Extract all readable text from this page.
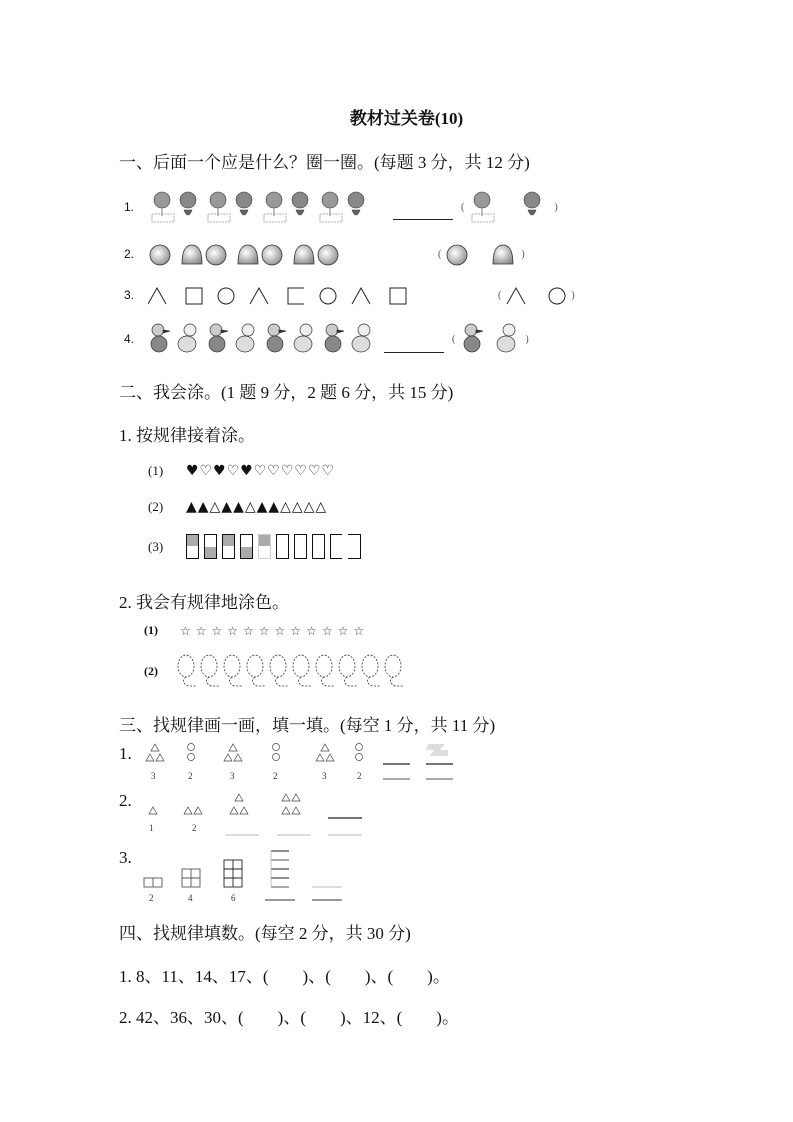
教材过关卷(10)
一、后面一个应是什么？圈一圈。(每题 3 分，共 12 分)
1.	(	)
2.	(	)
3.	(	)
4.	(	)
二、我会涂。(1 题 9 分，2 题 6 分，共 15 分)
1. 按规律接着涂。
(1)	♥♡♥♡♥♡♡♡♡♡♡
(2)	▲▲△▲▲△▲▲△△△△
(3)
2. 我会有规律地涂色。
(1)	☆☆☆☆☆☆☆☆☆☆☆☆
(2)
三、找规律画一画，填一填。(每空 1 分，共 11 分)
1.
3	2	3	2	3	2
2.
1	2
3.
2	4	6
四、找规律填数。(每空 2 分，共 30 分)
1. 8、11、14、17、(        )、(        )、(        )。
2. 42、36、30、(        )、(        )、12、(        )。
